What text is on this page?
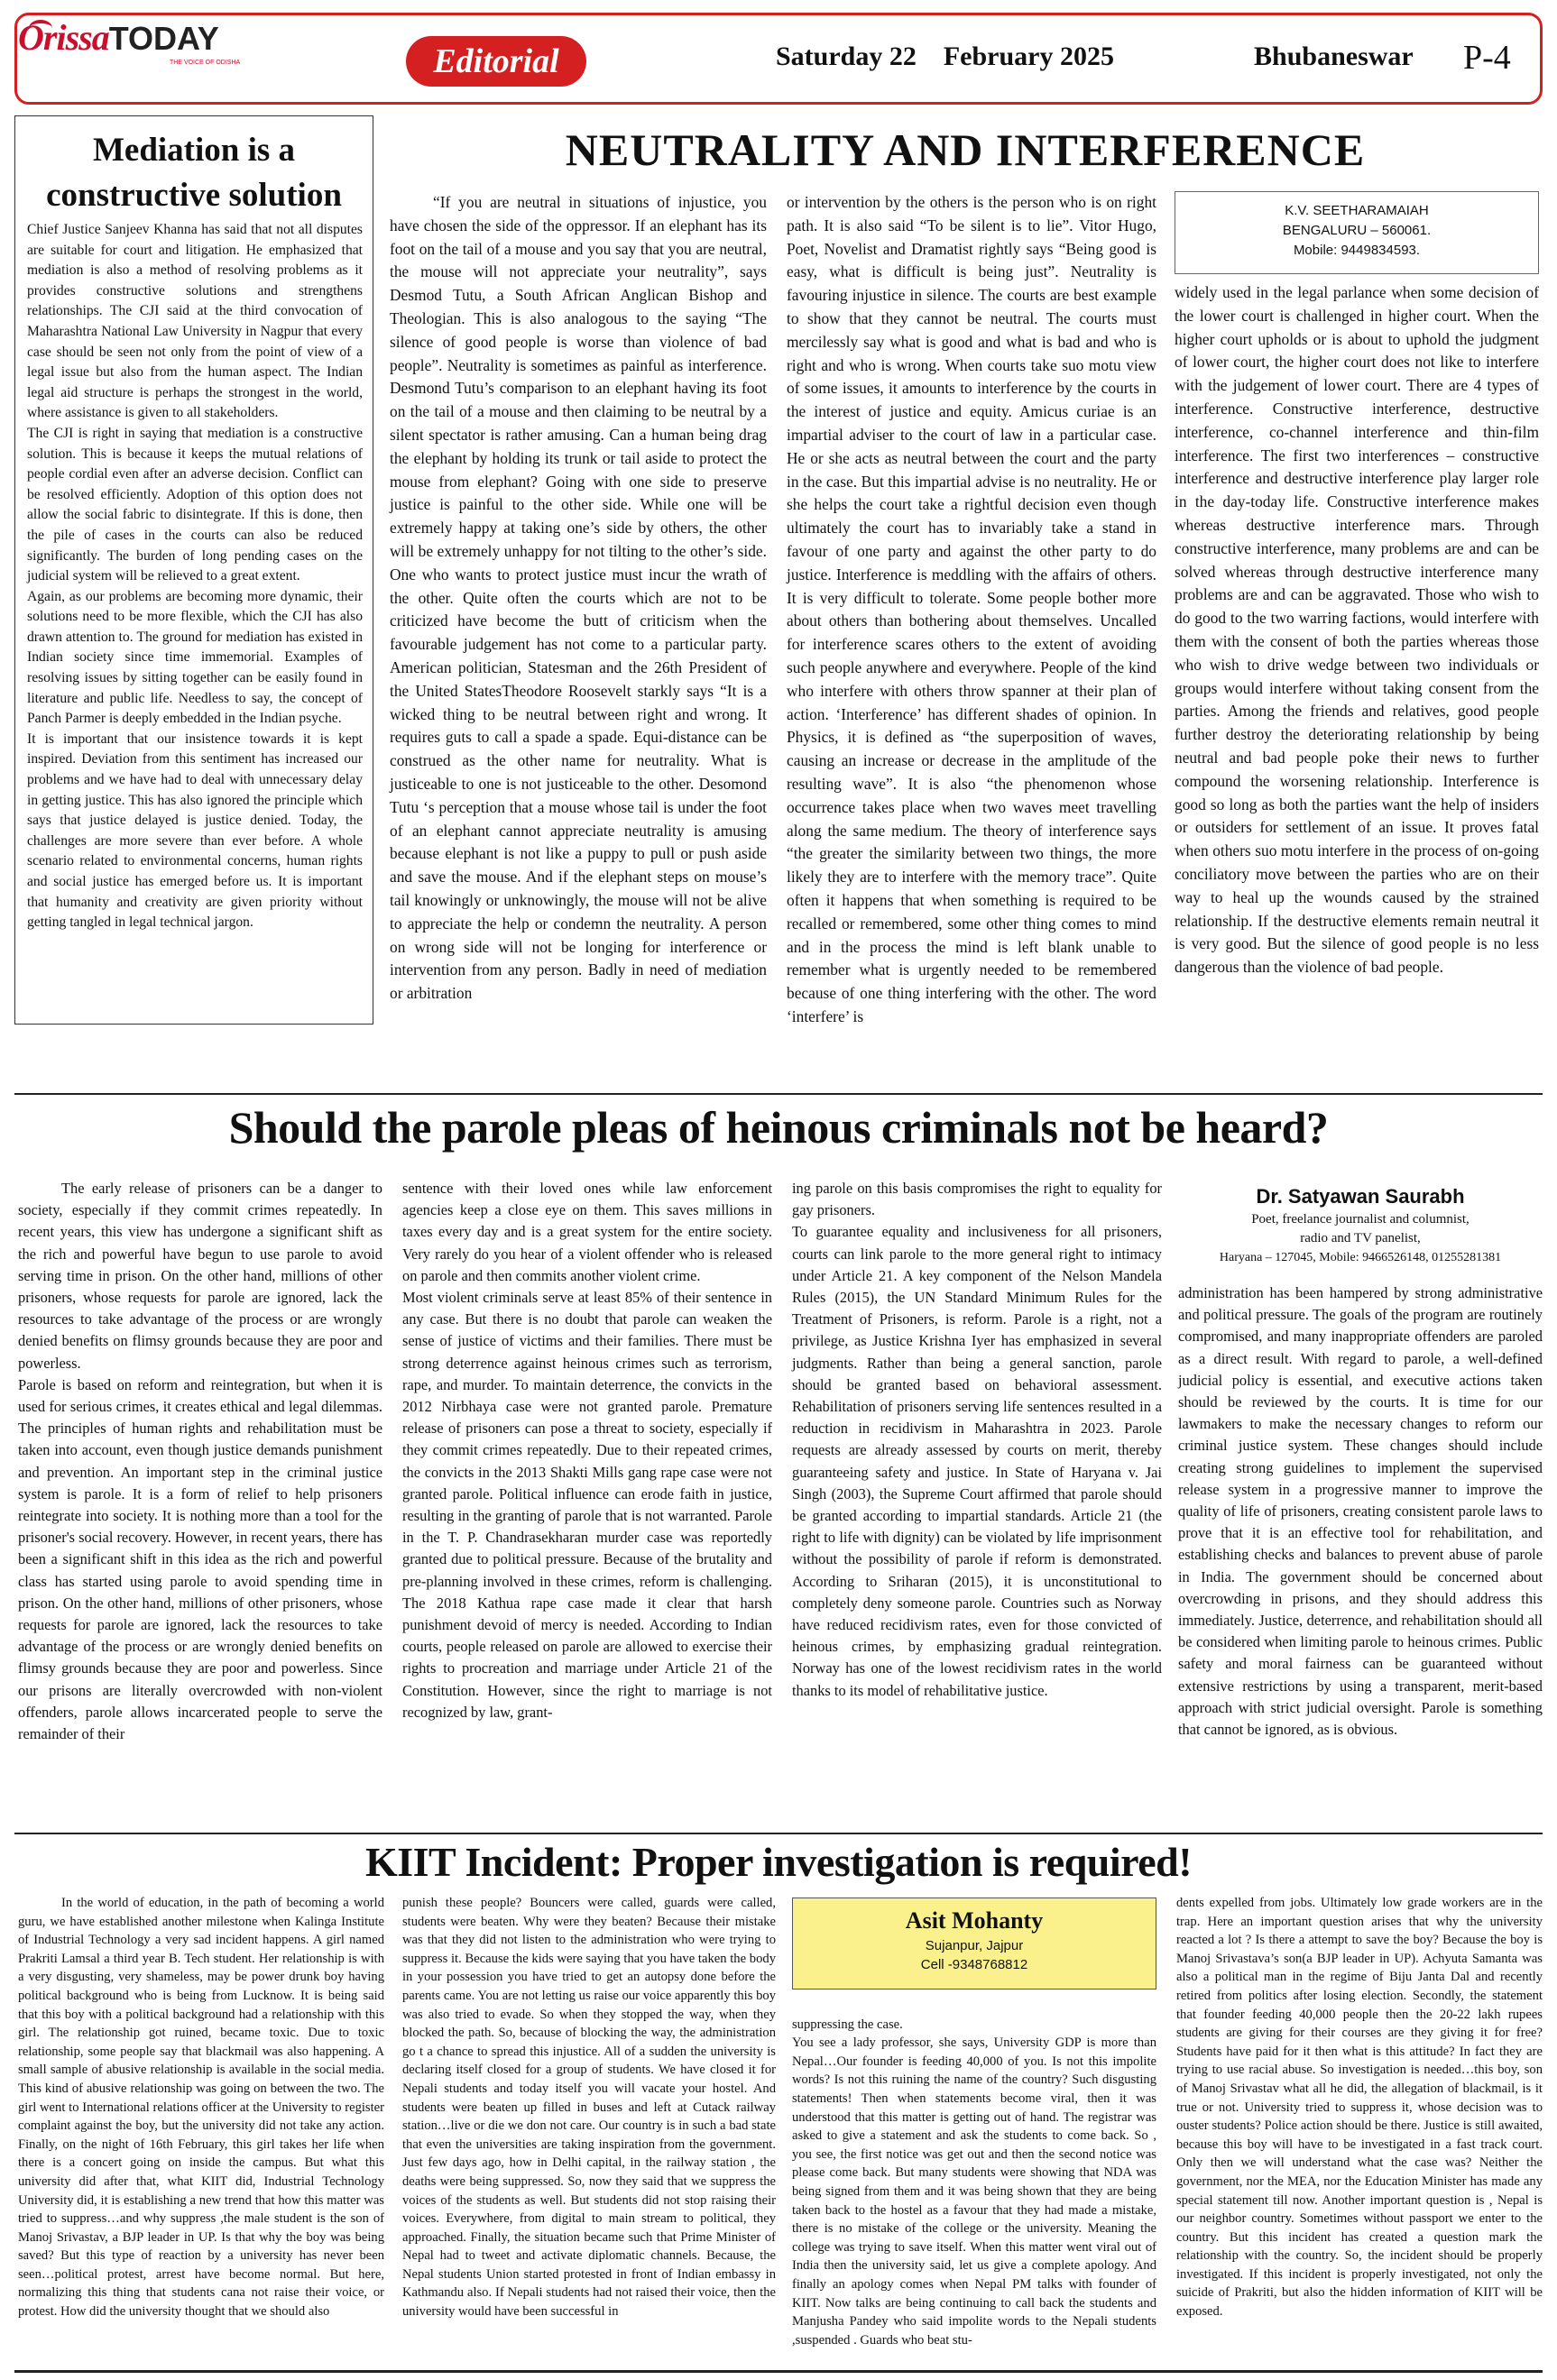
OrissaTODAY
THE VOICE OF ODISHA	Editorial	Saturday 22    February 2025	Bhubaneswar P-4
Mediation is a
constructive solution

Chief Justice Sanjeev Khanna has said that not all disputes are suitable for court and litigation. He emphasized that mediation is also a method of resolving problems as it provides constructive solutions and strengthens relationships. The CJI said at the third convocation of Maharashtra National Law University in Nagpur that every case should be seen not only from the point of view of a legal issue but also from the human aspect. The Indian legal aid structure is perhaps the strongest in the world, where assistance is given to all stakeholders.

The CJI is right in saying that mediation is a constructive solution. This is because it keeps the mutual relations of people cordial even after an adverse decision. Conflict can be resolved efficiently. Adoption of this option does not allow the social fabric to disintegrate. If this is done, then the pile of cases in the courts can also be reduced significantly. The burden of long pending cases on the judicial system will be relieved to a great extent.

Again, as our problems are becoming more dynamic, their solutions need to be more flexible, which the CJI has also drawn attention to. The ground for mediation has existed in Indian society since time immemorial. Examples of resolving issues by sitting together can be easily found in literature and public life. Needless to say, the concept of Panch Parmer is deeply embedded in the Indian psyche.

It is important that our insistence towards it is kept inspired. Deviation from this sentiment has increased our problems and we have had to deal with unnecessary delay in getting justice. This has also ignored the principle which says that justice delayed is justice denied. Today, the challenges are more severe than ever before. A whole scenario related to environmental concerns, human rights and social justice has emerged before us. It is important that humanity and creativity are given priority without getting tangled in legal technical jargon.

NEUTRALITY AND INTERFERENCE

“If you are neutral in situations of injustice, you have chosen the side of the oppressor. If an elephant has its foot on the tail of a mouse and you say that you are neutral, the mouse will not appreciate your neutrality”, says Desmod Tutu, a South African Anglican Bishop and Theologian. This is also analogous to the saying “The silence of good people is worse than violence of bad people”. Neutrality is sometimes as painful as interference. Desmond Tutu’s comparison to an elephant having its foot on the tail of a mouse and then claiming to be neutral by a silent spectator is rather amusing. Can a human being drag the elephant by holding its trunk or tail aside to protect the mouse from elephant? Going with one side to preserve justice is painful to the other side. While one will be extremely happy at taking one’s side by others, the other will be extremely unhappy for not tilting to the other’s side. One who wants to protect justice must incur the wrath of the other. Quite often the courts which are not to be criticized have become the butt of criticism when the favourable judgement has not come to a particular party. American politician, Statesman and the 26th President of the United StatesTheodore Roosevelt starkly says “It is a wicked thing to be neutral between right and wrong. It requires guts to call a spade a spade. Equi-distance can be construed as the other name for neutrality. What is justiceable to one is not justiceable to the other. Desomond Tutu ‘s perception that a mouse whose tail is under the foot of an elephant cannot appreciate neutrality is amusing because elephant is not like a puppy to pull or push aside and save the mouse. And if the elephant steps on mouse’s tail knowingly or unknowingly, the mouse will not be alive to appreciate the help or condemn the neutrality. A person on wrong side will not be longing for interference or intervention from any person. Badly in need of mediation or arbitration

or intervention by the others is the person who is on right path. It is also said “To be silent is to lie”. Vitor Hugo, Poet, Novelist and Dramatist rightly says “Being good is easy, what is difficult is being just”. Neutrality is favouring injustice in silence. The courts are best example to show that they cannot be neutral. The courts must mercilessly say what is good and what is bad and who is right and who is wrong. When courts take suo motu view of some issues, it amounts to interference by the courts in the interest of justice and equity. Amicus curiae is an impartial adviser to the court of law in a particular case. He or she acts as neutral between the court and the party in the case. But this impartial advise is no neutrality. He or she helps the court take a rightful decision even though ultimately the court has to invariably take a stand in favour of one party and against the other party to do justice. Interference is meddling with the affairs of others. It is very difficult to tolerate. Some people bother more about others than bothering about themselves. Uncalled for interference scares others to the extent of avoiding such people anywhere and everywhere. People of the kind who interfere with others throw spanner at their plan of action. ‘Interference’ has different shades of opinion. In Physics, it is defined as “the superposition of waves, causing an increase or decrease in the amplitude of the resulting wave”. It is also “the phenomenon whose occurrence takes place when two waves meet travelling along the same medium. The theory of interference says “the greater the similarity between two things, the more likely they are to interfere with the memory trace”. Quite often it happens that when something is required to be recalled or remembered, some other thing comes to mind and in the process the mind is left blank unable to remember what is urgently needed to be remembered because of one thing interfering with the other. The word ‘interfere’ is

K.V. SEETHARAMAIAH
BENGALURU – 560061.
Mobile: 9449834593.

widely used in the legal parlance when some decision of the lower court is challenged in higher court. When the higher court upholds or is about to uphold the judgment of lower court, the higher court does not like to interfere with the judgement of lower court. There are 4 types of interference. Constructive interference, destructive interference, co-channel interference and thin-film interference. The first two interferences – constructive interference and destructive interference play larger role in the day-today life. Constructive interference makes whereas destructive interference mars. Through constructive interference, many problems are and can be solved whereas through destructive interference many problems are and can be aggravated. Those who wish to do good to the two warring factions, would interfere with them with the consent of both the parties whereas those who wish to drive wedge between two individuals or groups would interfere without taking consent from the parties. Among the friends and relatives, good people further destroy the deteriorating relationship by being neutral and bad people poke their news to further compound the worsening relationship. Interference is good so long as both the parties want the help of insiders or outsiders for settlement of an issue. It proves fatal when others suo motu interfere in the process of on-going conciliatory move between the parties who are on their way to heal up the wounds caused by the strained relationship. If the destructive elements remain neutral it is very good. But the silence of good people is no less dangerous than the violence of bad people.

Should the parole pleas of heinous criminals not be heard?

The early release of prisoners can be a danger to society, especially if they commit crimes repeatedly. In recent years, this view has undergone a significant shift as the rich and powerful have begun to use parole to avoid serving time in prison. On the other hand, millions of other prisoners, whose requests for parole are ignored, lack the resources to take advantage of the process or are wrongly denied benefits on flimsy grounds because they are poor and powerless.

Parole is based on reform and reintegration, but when it is used for serious crimes, it creates ethical and legal dilemmas. The principles of human rights and rehabilitation must be taken into account, even though justice demands punishment and prevention. An important step in the criminal justice system is parole. It is a form of relief to help prisoners reintegrate into society. It is nothing more than a tool for the prisoner's social recovery. However, in recent years, there has been a significant shift in this idea as the rich and powerful class has started using parole to avoid spending time in prison. On the other hand, millions of other prisoners, whose requests for parole are ignored, lack the resources to take advantage of the process or are wrongly denied benefits on flimsy grounds because they are poor and powerless. Since our prisons are literally overcrowded with non-violent offenders, parole allows incarcerated people to serve the remainder of their

sentence with their loved ones while law enforcement agencies keep a close eye on them. This saves millions in taxes every day and is a great system for the entire society. Very rarely do you hear of a violent offender who is released on parole and then commits another violent crime.

Most violent criminals serve at least 85% of their sentence in any case. But there is no doubt that parole can weaken the sense of justice of victims and their families. There must be strong deterrence against heinous crimes such as terrorism, rape, and murder. To maintain deterrence, the convicts in the 2012 Nirbhaya case were not granted parole. Premature release of prisoners can pose a threat to society, especially if they commit crimes repeatedly. Due to their repeated crimes, the convicts in the 2013 Shakti Mills gang rape case were not granted parole. Political influence can erode faith in justice, resulting in the granting of parole that is not warranted. Parole in the T. P. Chandrasekharan murder case was reportedly granted due to political pressure. Because of the brutality and pre-planning involved in these crimes, reform is challenging. The 2018 Kathua rape case made it clear that harsh punishment devoid of mercy is needed. According to Indian courts, people released on parole are allowed to exercise their rights to procreation and marriage under Article 21 of the Constitution. However, since the right to marriage is not recognized by law, grant-

ing parole on this basis compromises the right to equality for gay prisoners.

To guarantee equality and inclusiveness for all prisoners, courts can link parole to the more general right to intimacy under Article 21. A key component of the Nelson Mandela Rules (2015), the UN Standard Minimum Rules for the Treatment of Prisoners, is reform. Parole is a right, not a privilege, as Justice Krishna Iyer has emphasized in several judgments. Rather than being a general sanction, parole should be granted based on behavioral assessment. Rehabilitation of prisoners serving life sentences resulted in a reduction in recidivism in Maharashtra in 2023. Parole requests are already assessed by courts on merit, thereby guaranteeing safety and justice. In State of Haryana v. Jai Singh (2003), the Supreme Court affirmed that parole should be granted according to impartial standards. Article 21 (the right to life with dignity) can be violated by life imprisonment without the possibility of parole if reform is demonstrated. According to Sriharan (2015), it is unconstitutional to completely deny someone parole. Countries such as Norway have reduced recidivism rates, even for those convicted of heinous crimes, by emphasizing gradual reintegration. Norway has one of the lowest recidivism rates in the world thanks to its model of rehabilitative justice.

Dr. Satyawan Saurabh
Poet, freelance journalist and columnist,
radio and TV panelist,
Haryana – 127045, Mobile: 9466526148, 01255281381

administration has been hampered by strong administrative and political pressure. The goals of the program are routinely compromised, and many inappropriate offenders are paroled as a direct result. With regard to parole, a well-defined judicial policy is essential, and executive actions taken should be reviewed by the courts. It is time for our lawmakers to make the necessary changes to reform our criminal justice system. These changes should include creating strong guidelines to implement the supervised release system in a progressive manner to improve the quality of life of prisoners, creating consistent parole laws to prove that it is an effective tool for rehabilitation, and establishing checks and balances to prevent abuse of parole in India. The government should be concerned about overcrowding in prisons, and they should address this immediately. Justice, deterrence, and rehabilitation should all be considered when limiting parole to heinous crimes. Public safety and moral fairness can be guaranteed without extensive restrictions by using a transparent, merit-based approach with strict judicial oversight. Parole is something that cannot be ignored, as is obvious.

KIIT Incident: Proper investigation is required!

In the world of education, in the path of becoming a world guru, we have established another milestone when Kalinga Institute of Industrial Technology a very sad incident happens. A girl named Prakriti Lamsal a third year B. Tech student. Her relationship is with a very disgusting, very shameless, may be power drunk boy having political background who is being from Lucknow. It is being said that this boy with a political background had a relationship with this girl. The relationship got ruined, became toxic. Due to toxic relationship, some people say that blackmail was also happening. A small sample of abusive relationship is available in the social media. This kind of abusive relationship was going on between the two. The girl went to International relations officer at the University to register complaint against the boy, but the university did not take any action. Finally, on the night of 16th February, this girl takes her life when there is a concert going on inside the campus. But what this university did after that, what KIIT did, Industrial Technology University did, it is establishing a new trend that how this matter was tried to suppress…and why suppress ,the male student is the son of Manoj Srivastav, a BJP leader in UP. Is that why the boy was being saved? But this type of reaction by a university has never been seen…political protest, arrest have become normal. But here, normalizing this thing that students cana not raise their voice, or protest. How did the university thought that we should also

punish these people? Bouncers were called, guards were called, students were beaten. Why were they beaten? Because their mistake was that they did not listen to the administration who were trying to suppress it. Because the kids were saying that you have taken the body in your possession you have tried to get an autopsy done before the parents came. You are not letting us raise our voice apparently this boy was also tried to evade. So when they stopped the way, when they blocked the path. So, because of blocking the way, the administration go t a chance to spread this injustice. All of a sudden the university is declaring itself closed for a group of students. We have closed it for Nepali students and today itself you will vacate your hostel. And students were beaten up filled in buses and left at Cutack railway station…live or die we don not care. Our country is in such a bad state that even the universities are taking inspiration from the government. Just few days ago, how in Delhi capital, in the railway station , the deaths were being suppressed. So, now they said that we suppress the voices of the students as well. But students did not stop raising their voices. Everywhere, from digital to main stream to political, they approached. Finally, the situation became such that Prime Minister of Nepal had to tweet and activate diplomatic channels. Because, the Nepal students Union started protested in front of Indian embassy in Kathmandu also. If Nepali students had not raised their voice, then the university would have been successful in

Asit Mohanty
Sujanpur, Jajpur
Cell -9348768812

suppressing the case.
You see a lady professor, she says, University GDP is more than Nepal…Our founder is feeding 40,000 of you. Is not this impolite words? Is not this ruining the name of the country? Such disgusting statements! Then when statements become viral, then it was understood that this matter is getting out of hand. The registrar was asked to give a statement and ask the students to come back. So , you see, the first notice was get out and then the second notice was please come back. But many students were showing that NDA was being signed from them and it was being shown that they are being taken back to the hostel as a favour that they had made a mistake, there is no mistake of the college or the university. Meaning the college was trying to save itself. When this matter went viral out of India then the university said, let us give a complete apology. And finally an apology comes when Nepal PM talks with founder of KIIT. Now talks are being continuing to call back the students and Manjusha Pandey who said impolite words to the Nepali students ,suspended . Guards who beat stu-

dents expelled from jobs. Ultimately low grade workers are in the trap. Here an important question arises that why the university reacted a lot ? Is there a attempt to save the boy? Because the boy is Manoj Srivastava’s son(a BJP leader in UP). Achyuta Samanta was also a political man in the regime of Biju Janta Dal and recently retired from politics after losing election. Secondly, the statement that founder feeding 40,000 people then the 20-22 lakh rupees students are giving for their courses are they giving it for free? Students have paid for it then what is this attitude? In fact they are trying to use racial abuse. So investigation is needed…this boy, son of Manoj Srivastav what all he did, the allegation of blackmail, is it true or not. University tried to suppress it, whose decision was to ouster students? Police action should be there. Justice is still awaited, because this boy will have to be investigated in a fast track court. Only then we will understand what the case was? Neither the government, nor the MEA, nor the Education Minister has made any special statement till now. Another important question is , Nepal is our neighbor country. Sometimes without passport we enter to the country. But this incident has created a question mark the relationship with the country. So, the incident should be properly investigated. If this incident is properly investigated, not only the suicide of Prakriti, but also the hidden information of KIIT will be exposed.
